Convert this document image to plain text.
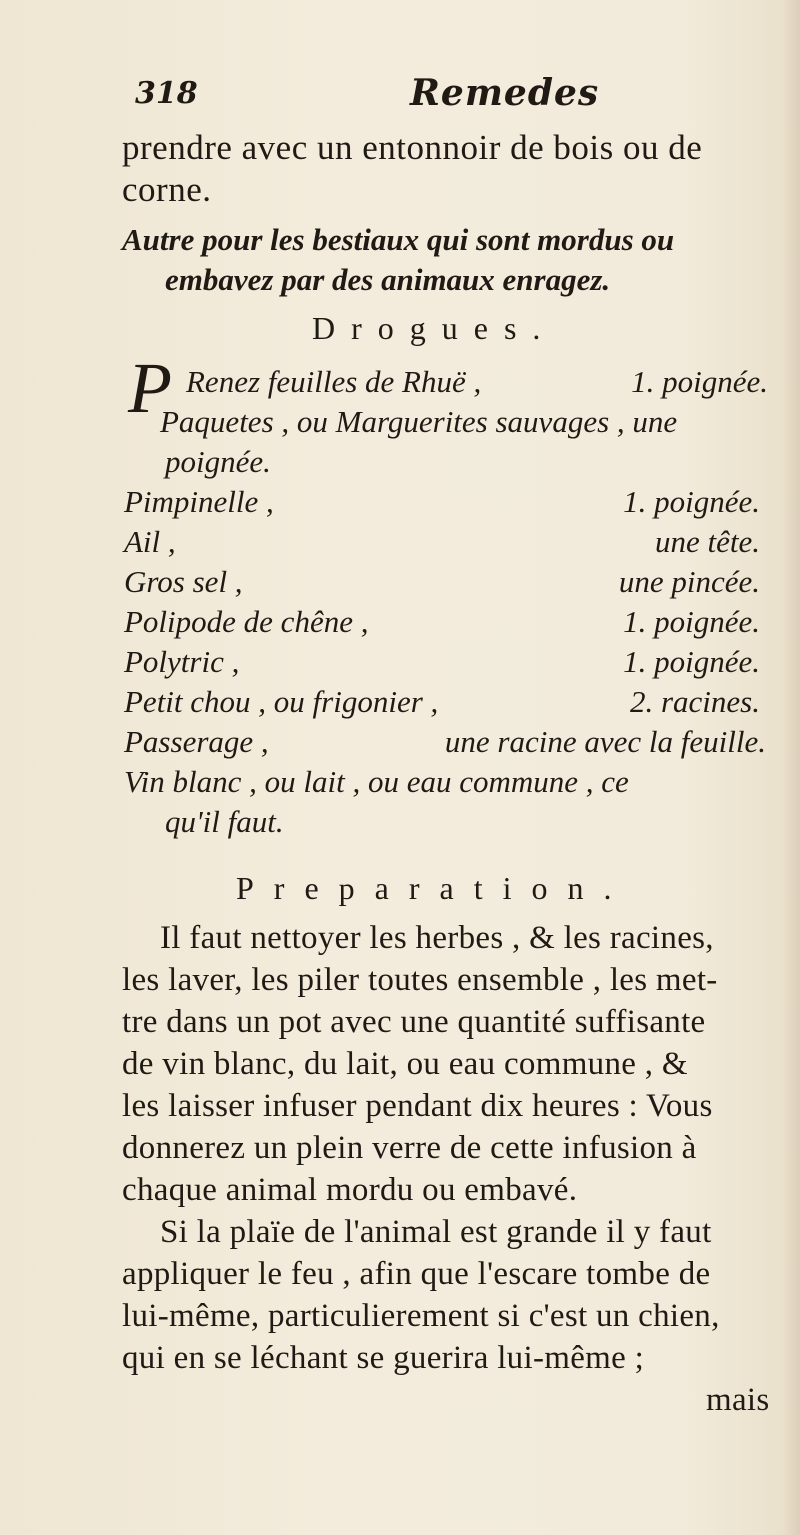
318	Remedes
prendre avec un entonnoir de bois ou de
corne.
Autre pour les bestiaux qui sont mordus ou
embavez par des animaux enragez.
Drogues.
P Renez feuilles de Rhuë ,	1. poignée.
Paquetes , ou Marguerites sauvages , une
poignée.
Pimpinelle ,	1. poignée.
Ail ,	une tête.
Gros sel ,	une pincée.
Polipode de chêne ,	1. poignée.
Polytric ,	1. poignée.
Petit chou , ou frigonier ,	2. racines.
Passerage ,	une racine avec la feuille.
Vin blanc , ou lait , ou eau commune , ce
qu'il faut.
Preparation.
Il faut nettoyer les herbes , & les racines,
les laver, les piler toutes ensemble , les met-
tre dans un pot avec une quantité suffisante
de vin blanc, du lait, ou eau commune , &
les laisser infuser pendant dix heures : Vous
donnerez un plein verre de cette infusion à
chaque animal mordu ou embavé.
Si la plaïe de l'animal est grande il y faut
appliquer le feu , afin que l'escare tombe de
lui-même, particulierement si c'est un chien,
qui en se léchant se guerira lui-même ;
mais
